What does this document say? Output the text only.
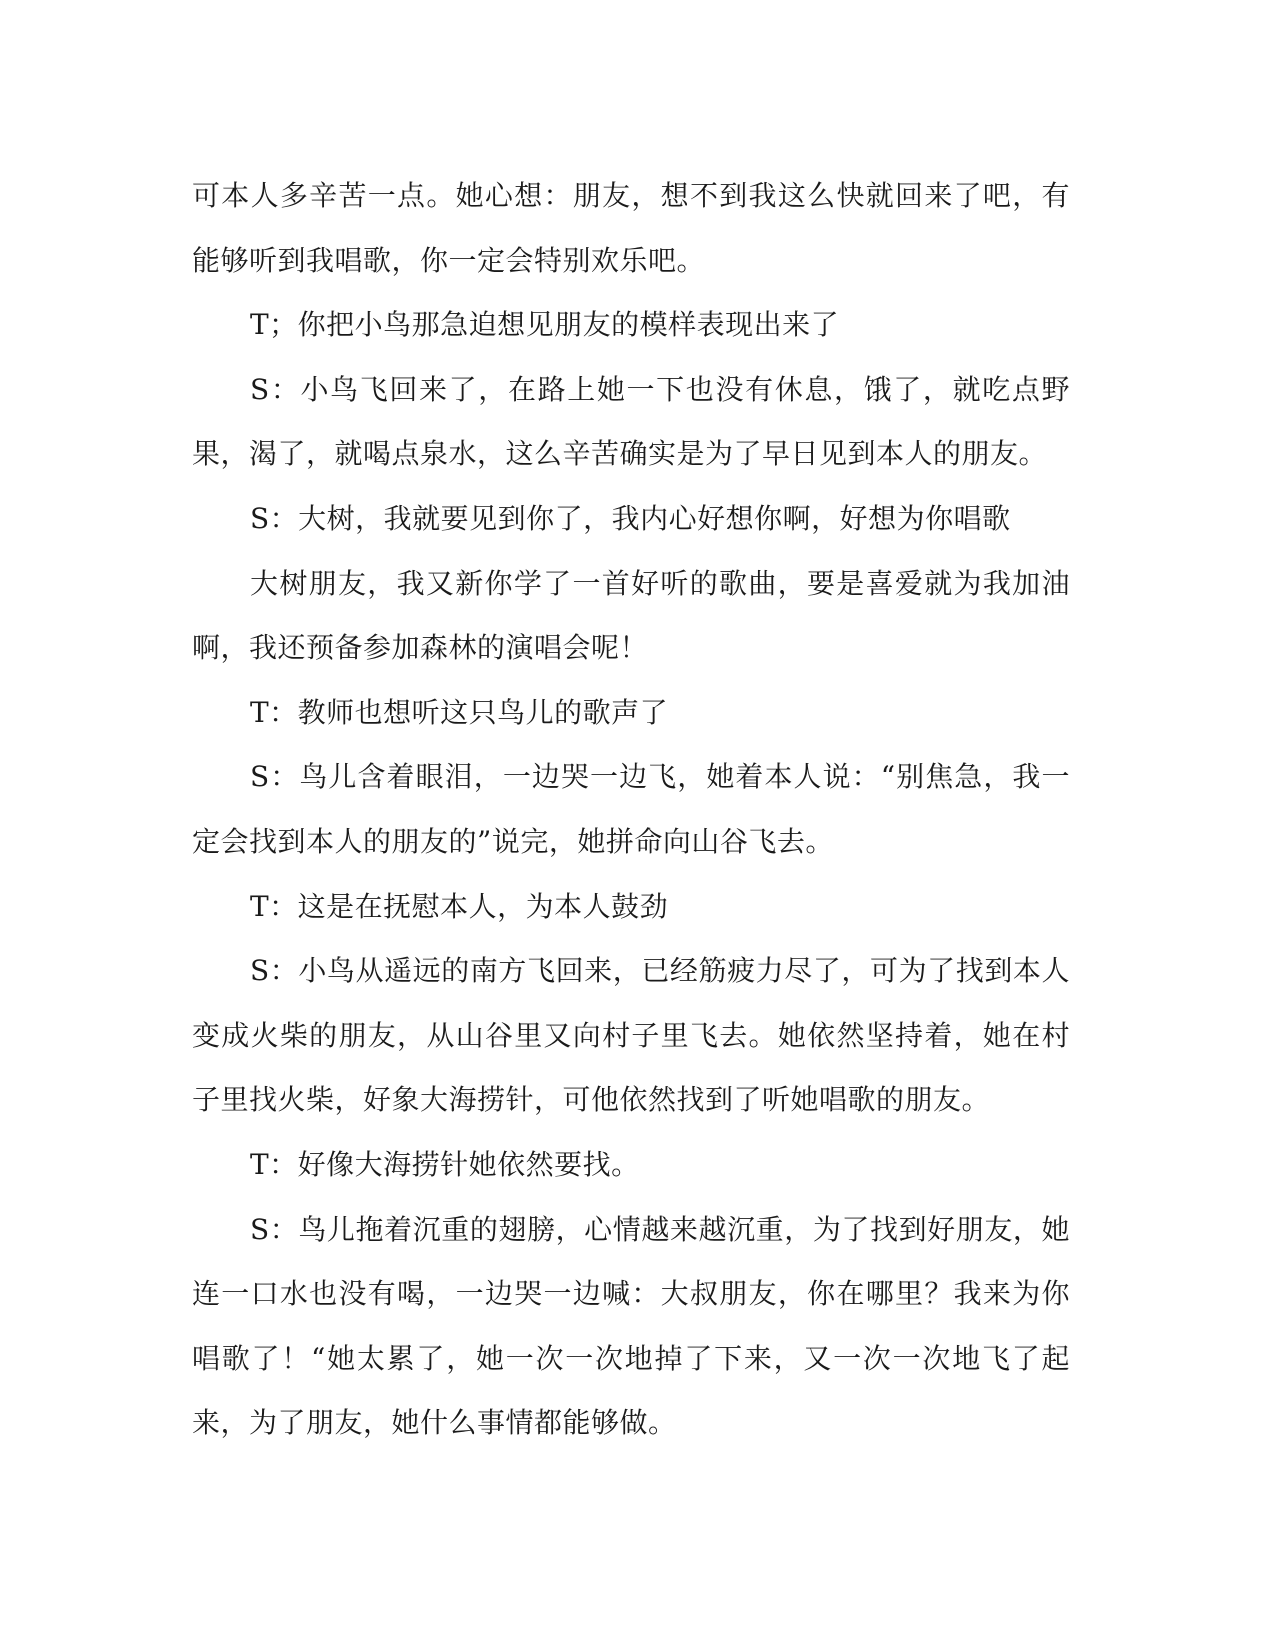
可本人多辛苦一点。她心想：朋友，想不到我这么快就回来了吧，有能够听到我唱歌，你一定会特别欢乐吧。

T；你把小鸟那急迫想见朋友的模样表现出来了

S：小鸟飞回来了，在路上她一下也没有休息，饿了，就吃点野果，渴了，就喝点泉水，这么辛苦确实是为了早日见到本人的朋友。

S：大树，我就要见到你了，我内心好想你啊，好想为你唱歌

大树朋友，我又新你学了一首好听的歌曲，要是喜爱就为我加油啊，我还预备参加森林的演唱会呢！

T：教师也想听这只鸟儿的歌声了

S：鸟儿含着眼泪，一边哭一边飞，她着本人说：“别焦急，我一定会找到本人的朋友的”说完，她拼命向山谷飞去。

T：这是在抚慰本人，为本人鼓劲

S：小鸟从遥远的南方飞回来，已经筋疲力尽了，可为了找到本人变成火柴的朋友，从山谷里又向村子里飞去。她依然坚持着，她在村子里找火柴，好象大海捞针，可他依然找到了听她唱歌的朋友。

T：好像大海捞针她依然要找。

S：鸟儿拖着沉重的翅膀，心情越来越沉重，为了找到好朋友，她连一口水也没有喝，一边哭一边喊：大叔朋友，你在哪里？我来为你唱歌了！“她太累了，她一次一次地掉了下来，又一次一次地飞了起来，为了朋友，她什么事情都能够做。
